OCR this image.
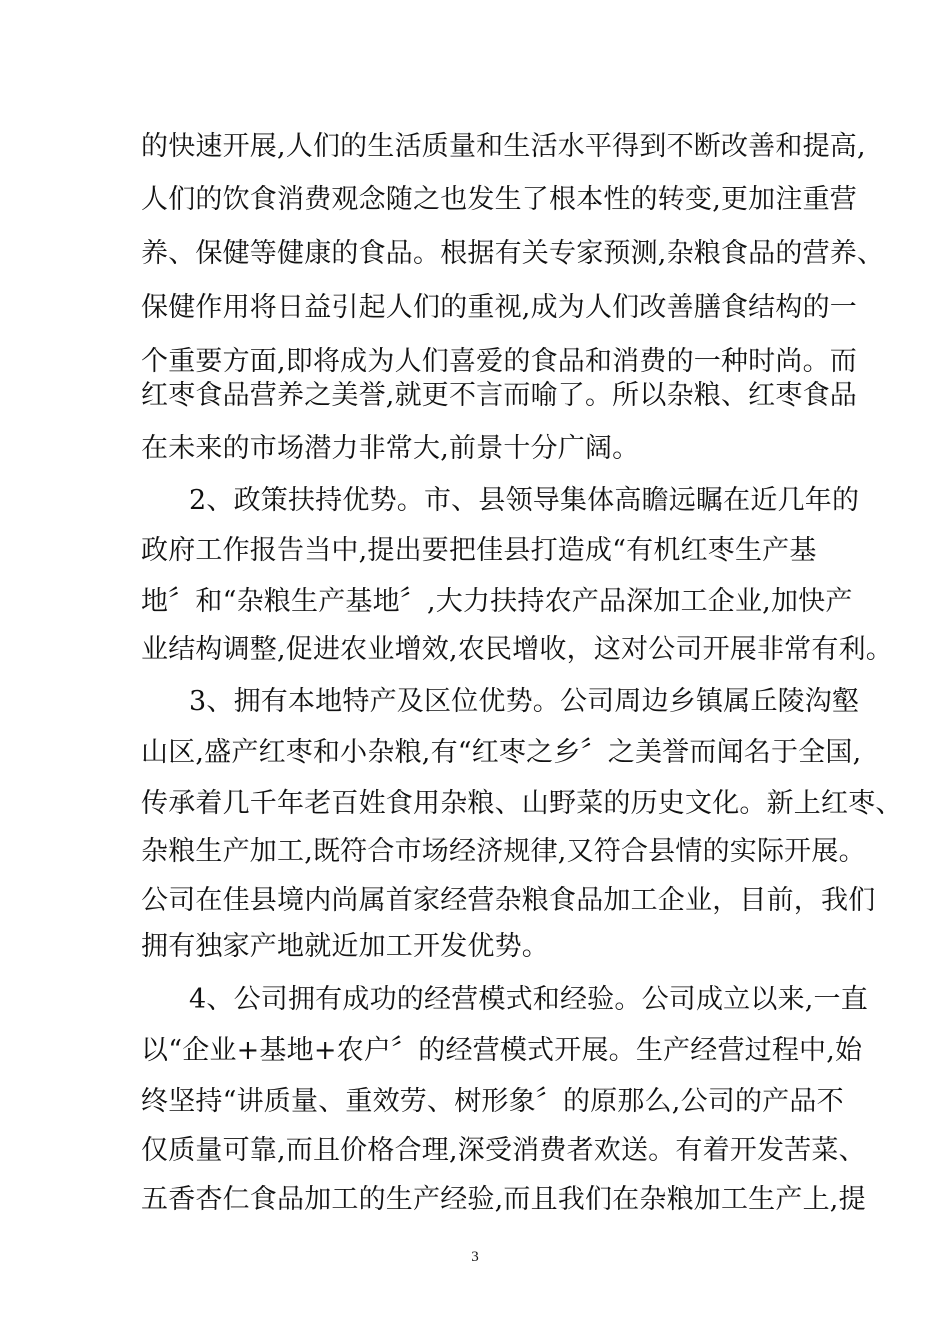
的快速开展,人们的生活质量和生活水平得到不断改善和提高,
人们的饮食消费观念随之也发生了根本性的转变,更加注重营
养、保健等健康的食品。根据有关专家预测,杂粮食品的营养、
保健作用将日益引起人们的重视,成为人们改善膳食结构的一
个重要方面,即将成为人们喜爱的食品和消费的一种时尚。而
红枣食品营养之美誉,就更不言而喻了。所以杂粮、红枣食品
在未来的市场潜力非常大,前景十分广阔。
2、政策扶持优势。市、县领导集体高瞻远瞩在近几年的
政府工作报告当中,提出要把佳县打造成“有机红枣生产基
地〞和“杂粮生产基地〞,大力扶持农产品深加工企业,加快产
业结构调整,促进农业增效,农民增收，这对公司开展非常有利。
3、拥有本地特产及区位优势。公司周边乡镇属丘陵沟壑
山区,盛产红枣和小杂粮,有“红枣之乡〞之美誉而闻名于全国,
传承着几千年老百姓食用杂粮、山野菜的历史文化。新上红枣、
杂粮生产加工,既符合市场经济规律,又符合县情的实际开展。
公司在佳县境内尚属首家经营杂粮食品加工企业，目前，我们
拥有独家产地就近加工开发优势。
4、公司拥有成功的经营模式和经验。公司成立以来,一直
以“企业+基地+农户〞的经营模式开展。生产经营过程中,始
终坚持“讲质量、重效劳、树形象〞的原那么,公司的产品不
仅质量可靠,而且价格合理,深受消费者欢送。有着开发苦菜、
五香杏仁食品加工的生产经验,而且我们在杂粮加工生产上,提
3
